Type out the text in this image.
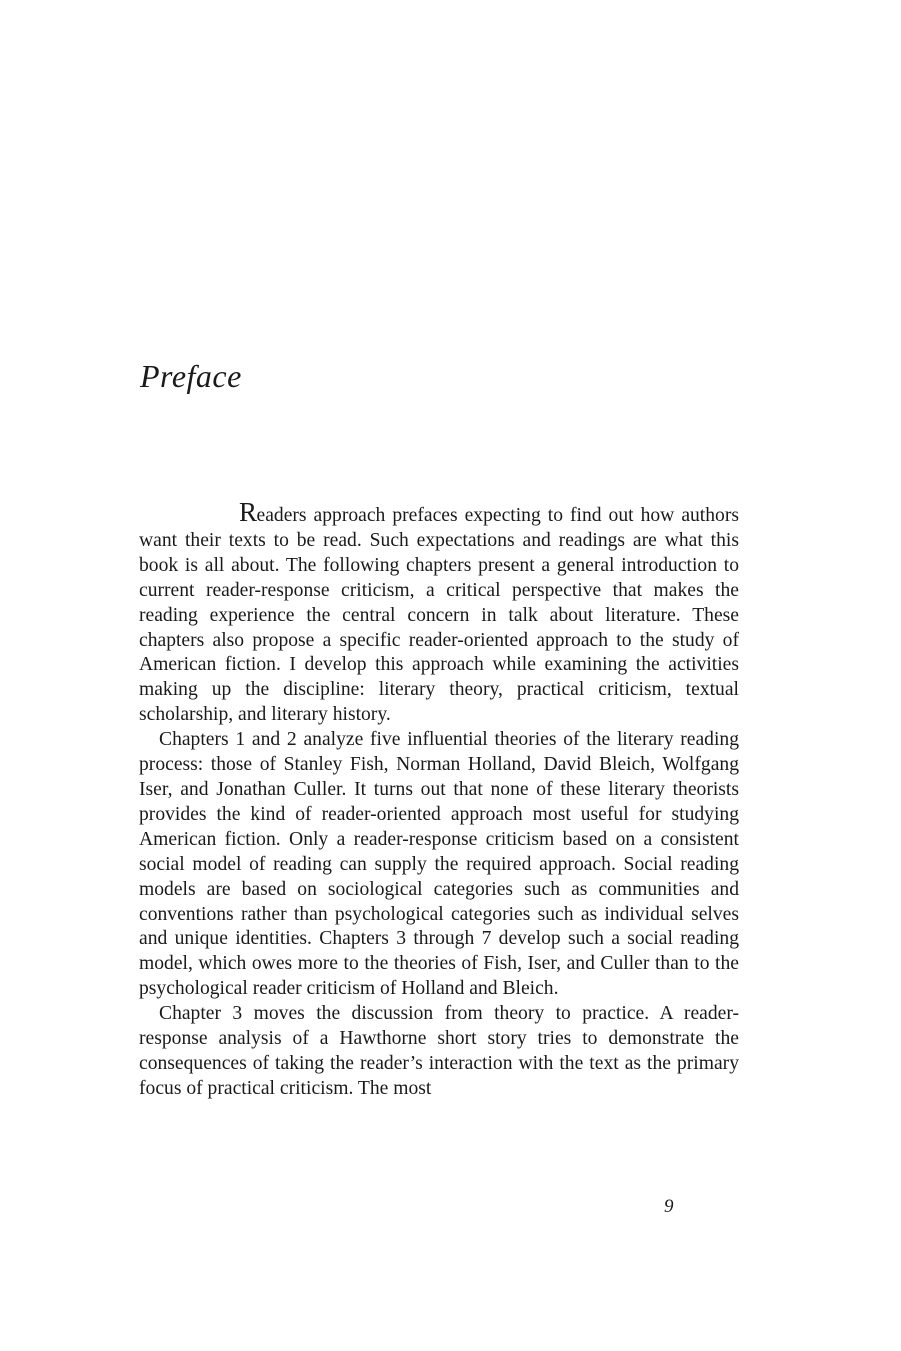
Preface

Readers approach prefaces expecting to find out how authors want their texts to be read. Such expectations and readings are what this book is all about. The following chapters present a general introduction to current reader-response criticism, a critical perspective that makes the reading experience the central concern in talk about literature. These chapters also propose a specific reader-oriented approach to the study of American fiction. I develop this approach while examining the activities making up the discipline: literary theory, practical criticism, textual scholarship, and literary history.

Chapters 1 and 2 analyze five influential theories of the literary reading process: those of Stanley Fish, Norman Holland, David Bleich, Wolfgang Iser, and Jonathan Culler. It turns out that none of these literary theorists provides the kind of reader-oriented approach most useful for studying American fiction. Only a reader-response criticism based on a consistent social model of reading can supply the required approach. Social reading models are based on sociological categories such as communities and conventions rather than psychological categories such as individual selves and unique identities. Chapters 3 through 7 develop such a social reading model, which owes more to the theories of Fish, Iser, and Culler than to the psychological reader criticism of Holland and Bleich.

Chapter 3 moves the discussion from theory to practice. A reader-response analysis of a Hawthorne short story tries to demonstrate the consequences of taking the reader’s interaction with the text as the primary focus of practical criticism. The most

9
